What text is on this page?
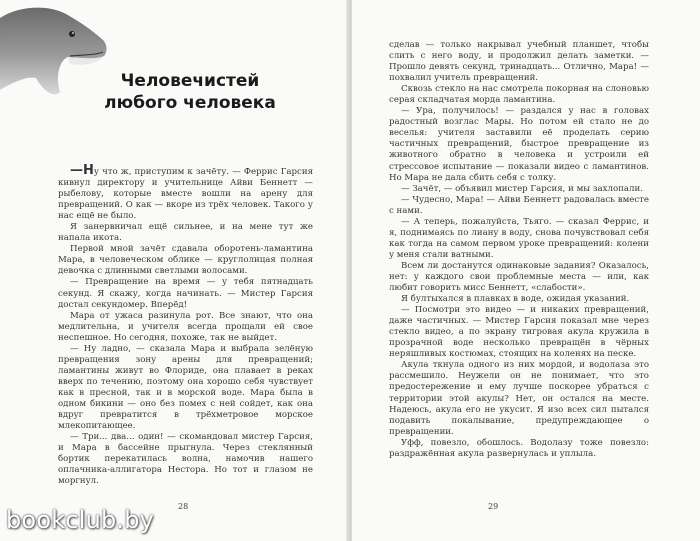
Человечистей
любого человека

—Ну что ж, приступим к зачёту. — Феррис Гарсия кивнул директору и учительнице Айви Беннетт — рыбелову, которые вместе вошли на арену для превращений. О как — вкоре из трёх человек. Такого у нас ещё не было.

Я занервничал ещё сильнее, и на мене тут же напала икота.

Первой мной зачёт сдавала оборотень-ламантина Мара, в человеческом облике — круглолицая полная девочка с длинными светлыми волосами.

— Превращение на время — у тебя пятнадцать секунд. Я скажу, когда начинать. — Мистер Гарсия достал секундомер. Вперёд!

Мара от ужаса разинула рот. Все знают, что она медлительна, и учителя всегда прощали ей свое неспешное. Но сегодня, похоже, так не выйдет.

— Ну ладно, — сказала Мара и выбрала зелёную превращения зону арены для превращений; ламантины живут во Флориде, она плавает в реках вверх по течению, поэтому она хорошо себя чувствует как в пресной, так и в морской воде. Мара была в одном бикини — оно без помех с ней сойдет, как она вдруг превратится в трёхметровое морское млекопитающее.

— Три... два... один! — скомандовал мистер Гарсия, и Мара в бассейне прыгнула. Через стеклянный бортик перекатилась волна, намочив нашего оплачника-аллигатора Нестора. Но тот и глазом не моргнул.

28

сделав — только накрывал учебный планшет, чтобы слить с него воду, и продолжил делать заметки. — Прошло девять секунд, тринадцать... Отлично, Мара! — похвалил учитель превращений.

Сквозь стекло на нас смотрела покорная на слоновью серая складчатая морда ламантина.

— Ура, получилось! — раздался у нас в головах радостный возглас Мары. Но потом ей стало не до веселья: учителя заставили её проделать серию частичных превращений, быстрое превращение из животного обратно в человека и устроили ей стрессовое испытание — показали видео с ламантинов. Но Мара не дала сбить себя с толку.

— Зачёт, — объявил мистер Гарсия, и мы захлопали.

— Чудесно, Мара! — Айви Беннетт радовалась вместе с нами.

— А теперь, пожалуйста, Тьяго. — сказал Феррис, и я, поднимаясь по лиану в воду, снова почувствовал себя как тогда на самом первом уроке превращений: колени у меня стали ватными.

Всем ли достанутся одинаковые задания? Оказалось, нет: у каждого свои проблемные места — или, как любит говорить мисс Беннетт, «слабости».

Я бултыхался в плавках в воде, ожидая указаний.

— Посмотри это видео — и никаких превращений, даже частичных. — Мистер Гарсия показал мне через стекло видео, а по экрану тигровая акула кружила в прозрачной воде несколько превращён в чёрных неряшливых костюмах, стоящих на коленях на песке.

Акула ткнула одного из них мордой, и водолаза это рассмешило. Неужели он не понимает, что это предостережение и ему лучше поскорее убраться с территории этой акулы? Нет, он остался на месте. Надеюсь, акула его не укусит. Я изо всех сил пытался подавить покалывание, предупреждающее о превращении.

Уфф, повезло, обошлось. Водолазу тоже повезло: раздражённая акула развернулась и уплыла.

29
bookclub.by
